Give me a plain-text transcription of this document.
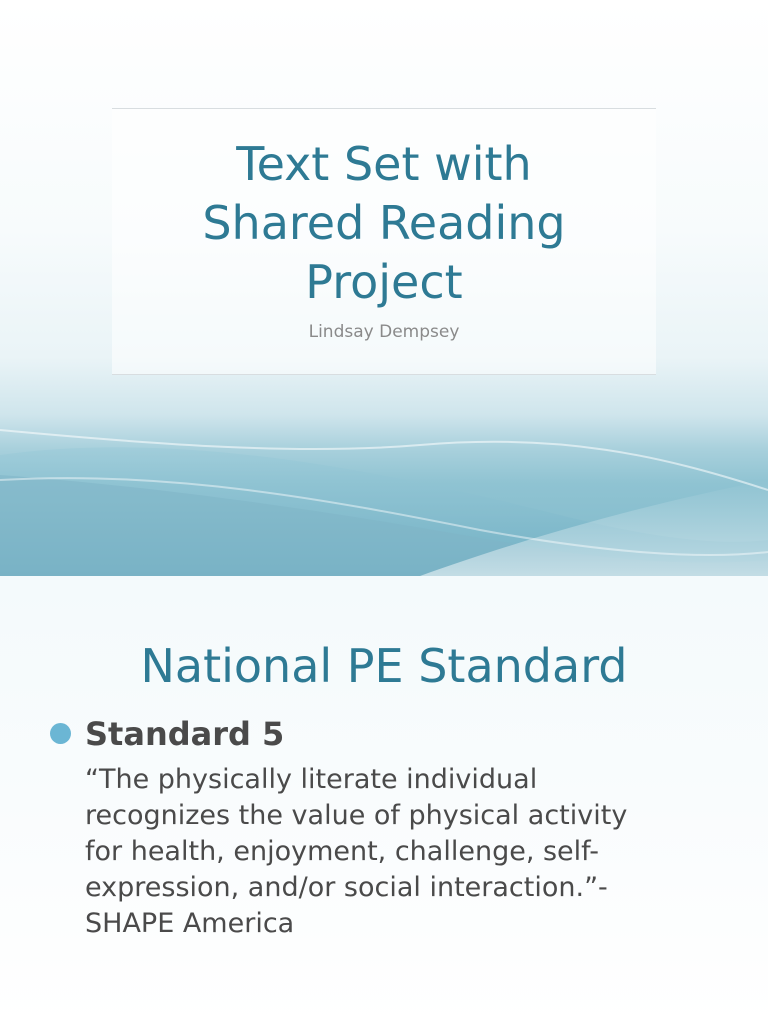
Text Set with
Shared Reading
Project
Lindsay Dempsey
National PE Standard
Standard 5
“The physically literate individual
recognizes the value of physical activity
for health, enjoyment, challenge, self-
expression, and/or social interaction.”-
SHAPE America
